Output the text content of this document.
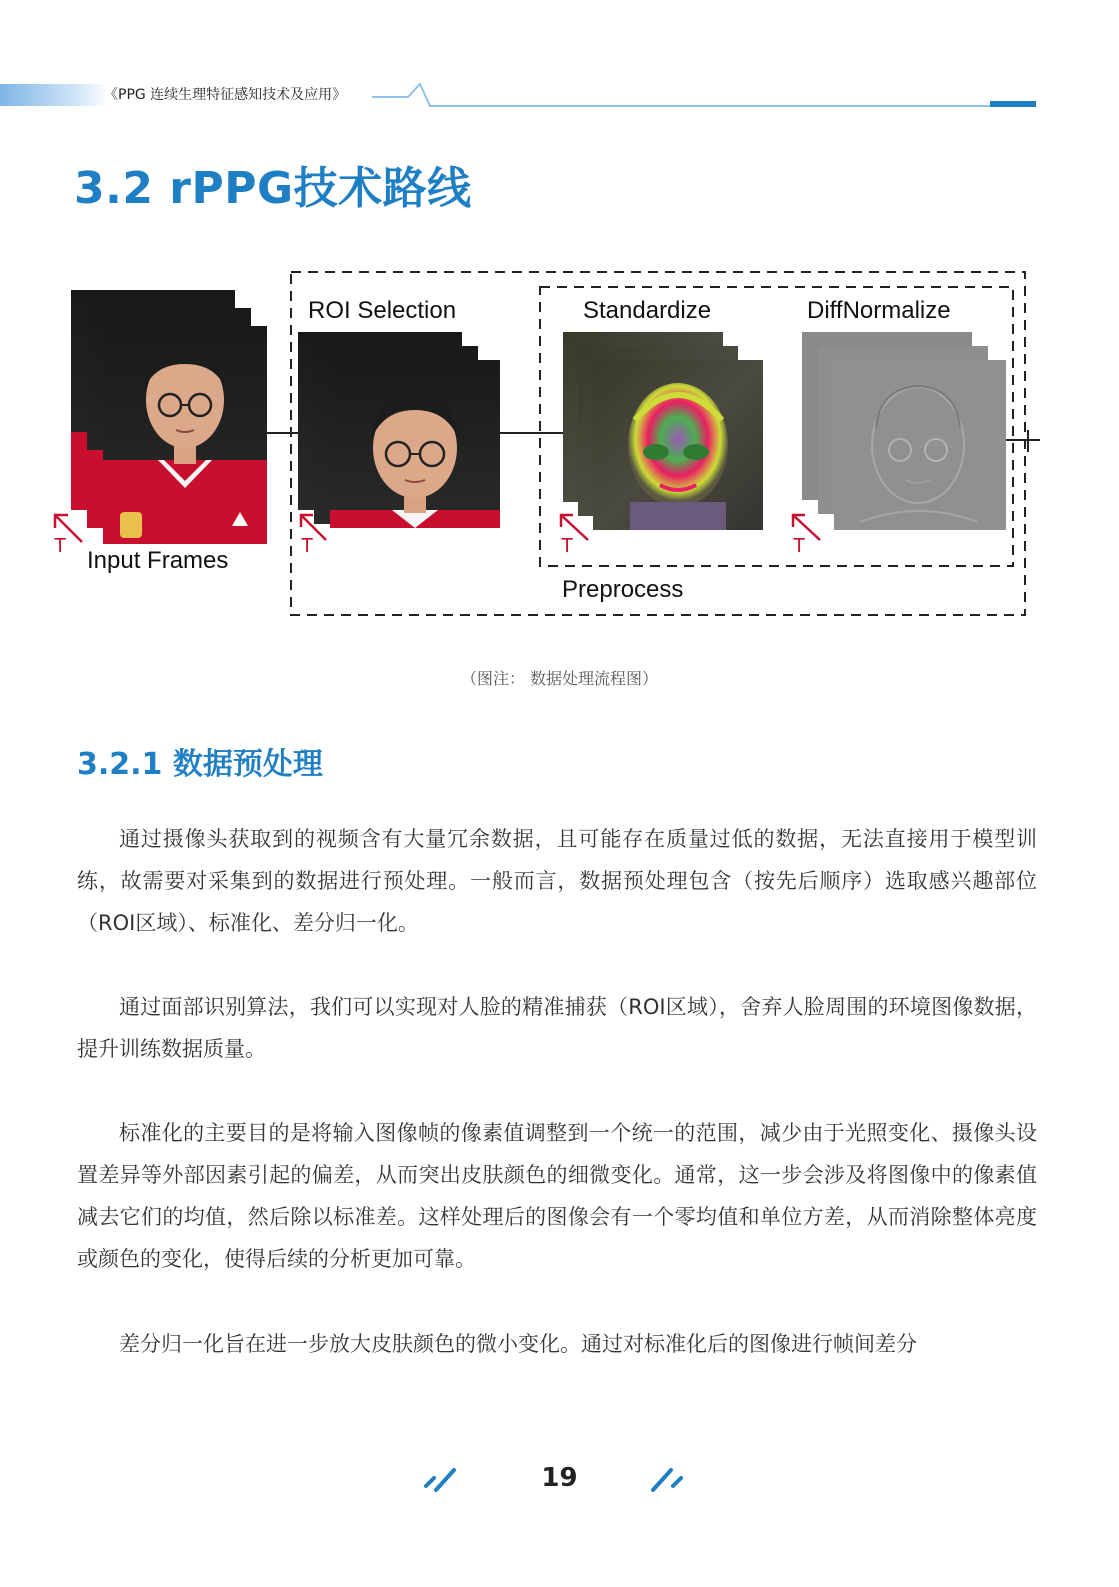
《PPG 连续生理特征感知技术及应用》
3.2 rPPG技术路线
T
Input Frames
ROI Selection
T
Standardize
T
DiffNormalize
T
Preprocess
（图注： 数据处理流程图）
3.2.1 数据预处理

通过摄像头获取到的视频含有大量冗余数据，且可能存在质量过低的数据，无法直接用于模型训练，故需要对采集到的数据进行预处理。一般而言，数据预处理包含（按先后顺序）选取感兴趣部位（ROI区域）、标准化、差分归一化。

通过面部识别算法，我们可以实现对人脸的精准捕获（ROI区域），舍弃人脸周围的环境图像数据，提升训练数据质量。

标准化的主要目的是将输入图像帧的像素值调整到一个统一的范围，减少由于光照变化、摄像头设置差异等外部因素引起的偏差，从而突出皮肤颜色的细微变化。通常，这一步会涉及将图像中的像素值减去它们的均值，然后除以标准差。这样处理后的图像会有一个零均值和单位方差，从而消除整体亮度或颜色的变化，使得后续的分析更加可靠。

差分归一化旨在进一步放大皮肤颜色的微小变化。通过对标准化后的图像进行帧间差分

19
